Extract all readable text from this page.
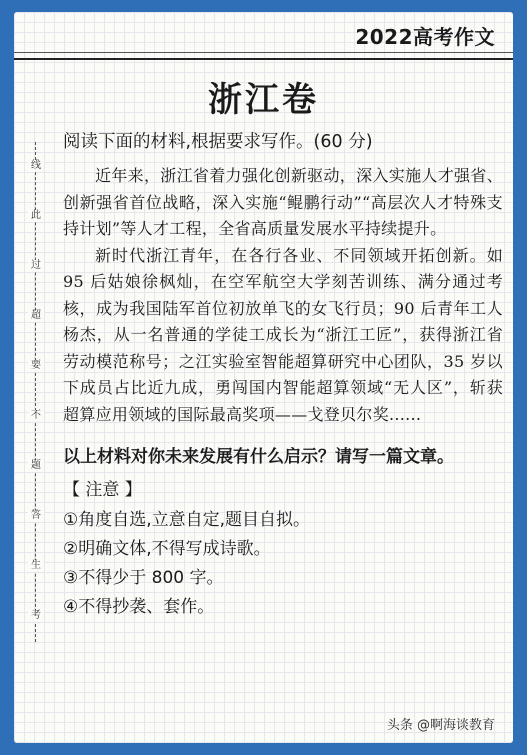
2022高考作文
浙江卷
线
此
过
超
要
不
题
答
生
考

阅读下面的材料,根据要求写作。(60 分)

近年来，浙江省着力强化创新驱动，深入实施人才强省、创新强省首位战略，深入实施“鲲鹏行动”“高层次人才特殊支持计划”等人才工程，全省高质量发展水平持续提升。

新时代浙江青年，在各行各业、不同领域开拓创新。如 95 后姑娘徐枫灿，在空军航空大学刻苦训练、满分通过考核，成为我国陆军首位初放单飞的女飞行员；90 后青年工人杨杰，从一名普通的学徒工成长为“浙江工匠”，获得浙江省劳动模范称号；之江实验室智能超算研究中心团队，35 岁以下成员占比近九成，勇闯国内智能超算领域“无人区”，斩获超算应用领域的国际最高奖项——戈登贝尔奖......

以上材料对你未来发展有什么启示？请写一篇文章。

【 注意 】
①角度自选,立意自定,题目自拟。
②明确文体,不得写成诗歌。
③不得少于 800 字。
④不得抄袭、套作。
头条 @啊海谈教育
